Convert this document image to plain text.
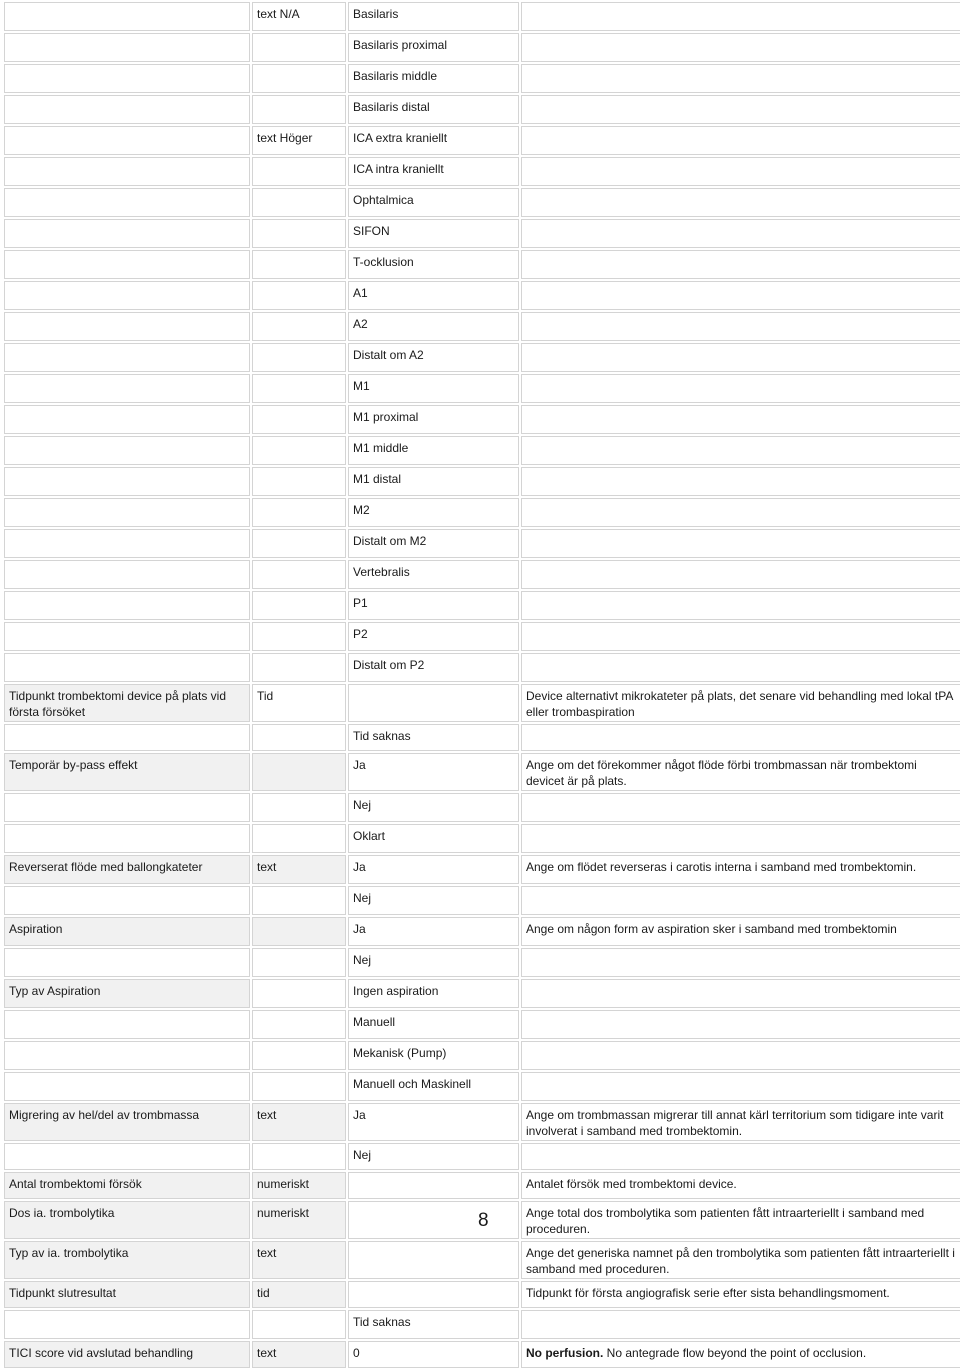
	text N/A	Basilaris	
		Basilaris proximal	
		Basilaris middle	
		Basilaris distal	
	text Höger	ICA extra kraniellt	
		ICA intra kraniellt	
		Ophtalmica	
		SIFON	
		T-ocklusion	
		A1	
		A2	
		Distalt om A2	
		M1	
		M1 proximal	
		M1 middle	
		M1 distal	
		M2	
		Distalt om M2	
		Vertebralis	
		P1	
		P2	
		Distalt om P2	
Tidpunkt trombektomi device på plats vid första försöket	Tid		Device alternativt mikrokateter på plats, det senare vid behandling med lokal tPA eller trombaspiration
		Tid saknas	
Temporär by-pass effekt		Ja	Ange om det förekommer något flöde förbi trombmassan när trombektomi devicet är på plats.
		Nej	
		Oklart	
Reverserat flöde med ballongkateter	text	Ja	Ange om flödet reverseras i carotis interna i samband med trombektomin.
		Nej	
Aspiration		Ja	Ange om någon form av aspiration sker i samband med trombektomin
		Nej	
Typ av Aspiration		Ingen aspiration	
		Manuell	
		Mekanisk (Pump)	
		Manuell och Maskinell	
Migrering av hel/del av trombmassa	text	Ja	Ange om trombmassan migrerar till annat kärl territorium som tidigare inte varit involverat i samband med trombektomin.
		Nej	
Antal trombektomi försök	numeriskt		Antalet försök med trombektomi device.
Dos ia. trombolytika	numeriskt		Ange total dos trombolytika som patienten fått intraarteriellt i samband med proceduren.
Typ av ia. trombolytika	text		Ange det generiska namnet på den trombolytika som patienten fått intraarteriellt i samband med proceduren.
Tidpunkt slutresultat	tid		Tidpunkt för första angiografisk serie efter sista behandlingsmoment.
		Tid saknas	
TICI score vid avslutad behandling	text	0	No perfusion. No antegrade flow beyond the point of occlusion.
8
